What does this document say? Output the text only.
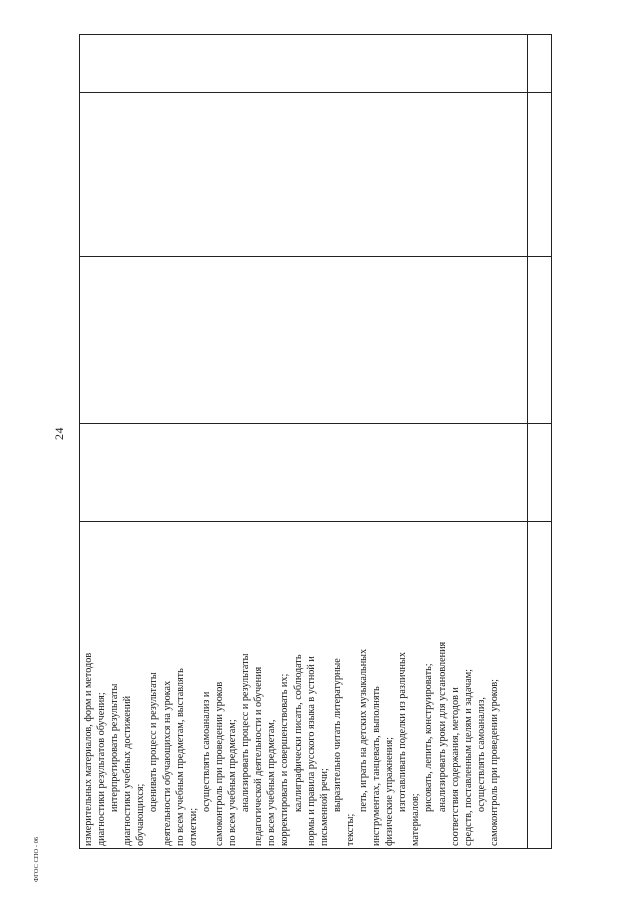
24
измерительных материалов, форм и методов диагностики результатов обучения; интерпретировать результаты диагностики учебных достижений обучающихся;
оценивать процесс и результаты деятельности обучающихся на уроках по всем учебным предметам, выставлять отметки;
осуществлять самоанализ и самоконтроль при проведении уроков по всем учебным предметам; анализировать процесс и результаты педагогической деятельности и обучения по всем учебным предметам, корректировать и совершенствовать их; каллиграфически писать, соблюдать нормы и правила русского языка в устной и письменной речи; выразительно читать литературные
тексты;
петь, играть на детских музыкальных инструментах, танцевать, выполнять физические упражнения; изготавливать поделки из различных
материалов;
рисовать, лепить, конструировать; анализировать уроки для установления соответствия содержания, методов и средств, поставленным целям и задачам; осуществлять самоанализ, самоконтроль при проведении уроков;
ФГОС СПО - 06
